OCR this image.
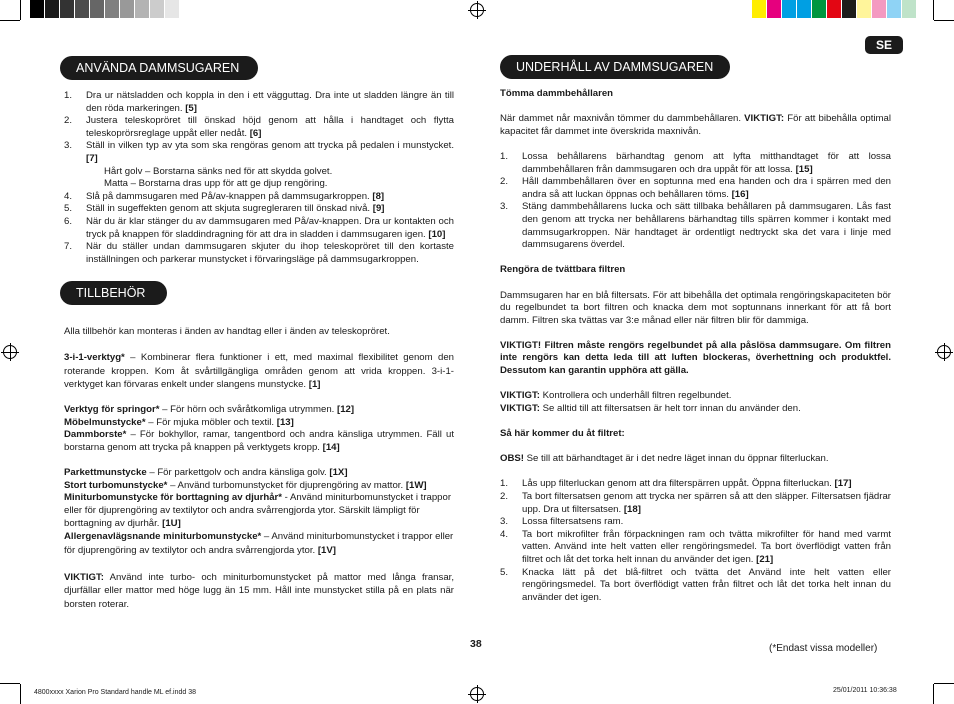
SE
ANVÄNDA DAMMSUGAREN
1.	Dra ur nätsladden och koppla in den i ett vägguttag. Dra inte ut sladden längre än till den röda markeringen. [5]
2.	Justera teleskopröret till önskad höjd genom att hålla i handtaget och flytta teleskoprörsreglage uppåt eller nedåt. [6]
3.	Ställ in vilken typ av yta som ska rengöras genom att trycka på pedalen i munstycket. [7]
Hårt golv – Borstarna sänks ned för att skydda golvet.
Matta – Borstarna dras upp för att ge djup rengöring.
4.	Slå på dammsugaren med På/av-knappen på dammsugarkroppen. [8]
5.	Ställ in sugeffekten genom att skjuta sugregleraren till önskad nivå. [9]
6.	När du är klar stänger du av dammsugaren med På/av-knappen. Dra ur kontakten och tryck på knappen för sladdindragning för att dra in sladden i dammsugaren igen. [10]
7.	När du ställer undan dammsugaren skjuter du ihop teleskopröret till den kortaste inställningen och parkerar munstycket i förvaringsläge på dammsugarkroppen.
TILLBEHÖR

Alla tillbehör kan monteras i änden av handtag eller i änden av teleskopröret.

3-i-1-verktyg* – Kombinerar flera funktioner i ett, med maximal flexibilitet genom den roterande kroppen. Kom åt svårtillgängliga områden genom att vrida kroppen. 3-i-1-verktyget kan förvaras enkelt under slangens munstycke. [1]

Verktyg för springor* – För hörn och svåråtkomliga utrymmen. [12]

Möbelmunstycke* – För mjuka möbler och textil. [13]

Dammborste* – För bokhyllor, ramar, tangentbord och andra känsliga utrymmen. Fäll ut borstarna genom att trycka på knappen på verktygets kropp. [14]

Parkettmunstycke – För parkettgolv och andra känsliga golv. [1X]

Stort turbomunstycke* – Använd turbomunstycket för djuprengöring av mattor. [1W]

Miniturbomunstycke för borttagning av djurhår* - Använd miniturbomunstycket i trappor eller för djuprengöring av textilytor och andra svårrengjorda ytor. Särskilt lämpligt för borttagning av djurhår. [1U]

Allergenavlägsnande miniturbomunstycke* – Använd miniturbomunstycket i trappor eller för djuprengöring av textilytor och andra svårrengjorda ytor. [1V]

VIKTIGT: Använd inte turbo- och miniturbomunstycket på mattor med långa fransar, djurfällar eller mattor med höge lugg än 15 mm. Håll inte munstycket stilla på en plats när borsten roterar.

UNDERHÅLL AV DAMMSUGAREN

Tömma dammbehållaren

När dammet når maxnivån tömmer du dammbehållaren. VIKTIGT: För att bibehålla optimal kapacitet får dammet inte överskrida maxnivån.

1.	Lossa behållarens bärhandtag genom att lyfta mitthandtaget för att lossa dammbehållaren från dammsugaren och dra uppåt för att lossa. [15]
2.	Håll dammbehållaren över en soptunna med ena handen och dra i spärren med den andra så att luckan öppnas och behållaren töms. [16]
3.	Stäng dammbehållarens lucka och sätt tillbaka behållaren på dammsugaren. Lås fast den genom att trycka ner behållarens bärhandtag tills spärren kommer i kontakt med dammsugarkroppen. När handtaget är ordentligt nedtryckt ska det vara i linje med dammsugarens överdel.

Rengöra de tvättbara filtren

Dammsugaren har en blå filtersats. För att bibehålla det optimala rengöringskapaciteten bör du regelbundet ta bort filtren och knacka dem mot soptunnans innerkant för att få bort damm. Filtren ska tvättas var 3:e månad eller när filtren blir för dammiga.

VIKTIGT! Filtren måste rengörs regelbundet på alla påslösa dammsugare. Om filtren inte rengörs kan detta leda till att luften blockeras, överhettning och produktfel. Dessutom kan garantin upphöra att gälla.

VIKTIGT: Kontrollera och underhåll filtren regelbundet.

VIKTIGT: Se alltid till att filtersatsen är helt torr innan du använder den.

Så här kommer du åt filtret:

OBS! Se till att bärhandtaget är i det nedre läget innan du öppnar filterluckan.

1.	Lås upp filterluckan genom att dra filterspärren uppåt. Öppna filterluckan. [17]
2.	Ta bort filtersatsen genom att trycka ner spärren så att den släpper. Filtersatsen fjädrar upp. Dra ut filtersatsen. [18]
3.	Lossa filtersatsens ram.
4.	Ta bort mikrofilter från förpackningen ram och tvätta mikrofilter för hand med varmt vatten. Använd inte helt vatten eller rengöringsmedel. Ta bort överflödigt vatten från filtret och låt det torka helt innan du använder det igen. [21]
5.	Knacka lätt på det blå-filtret och tvätta det Använd inte helt vatten eller rengöringsmedel. Ta bort överflödigt vatten från filtret och låt det torka helt innan du använder det igen.
38	(*Endast vissa modeller)
4800xxxx Xarion Pro Standard handle ML ef.indd 38	25/01/2011 10:36:38
